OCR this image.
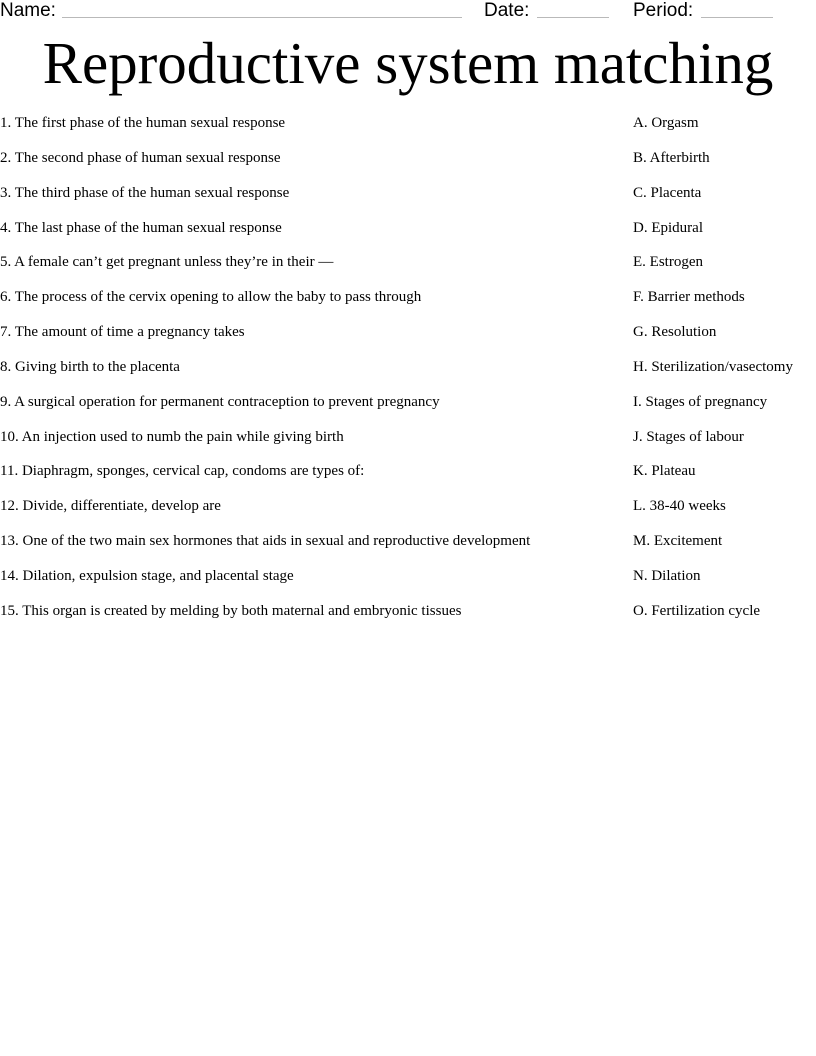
Name:	Date:	Period:
Reproductive system matching
1. The first phase of the human sexual response
2. The second phase of human sexual response
3. The third phase of the human sexual response
4. The last phase of the human sexual response
5. A female can’t get pregnant unless they’re in their —
6. The process of the cervix opening to allow the baby to pass through
7. The amount of time a pregnancy takes
8. Giving birth to the placenta
9. A surgical operation for permanent contraception to prevent pregnancy
10. An injection used to numb the pain while giving birth
11. Diaphragm, sponges, cervical cap, condoms are types of:
12. Divide, differentiate, develop are
13. One of the two main sex hormones that aids in sexual and reproductive development
14. Dilation, expulsion stage, and placental stage
15. This organ is created by melding by both maternal and embryonic tissues
A. Orgasm
B. Afterbirth
C. Placenta
D. Epidural
E. Estrogen
F. Barrier methods
G. Resolution
H. Sterilization/vasectomy
I. Stages of pregnancy
J. Stages of labour
K. Plateau
L. 38-40 weeks
M. Excitement
N. Dilation
O. Fertilization cycle
